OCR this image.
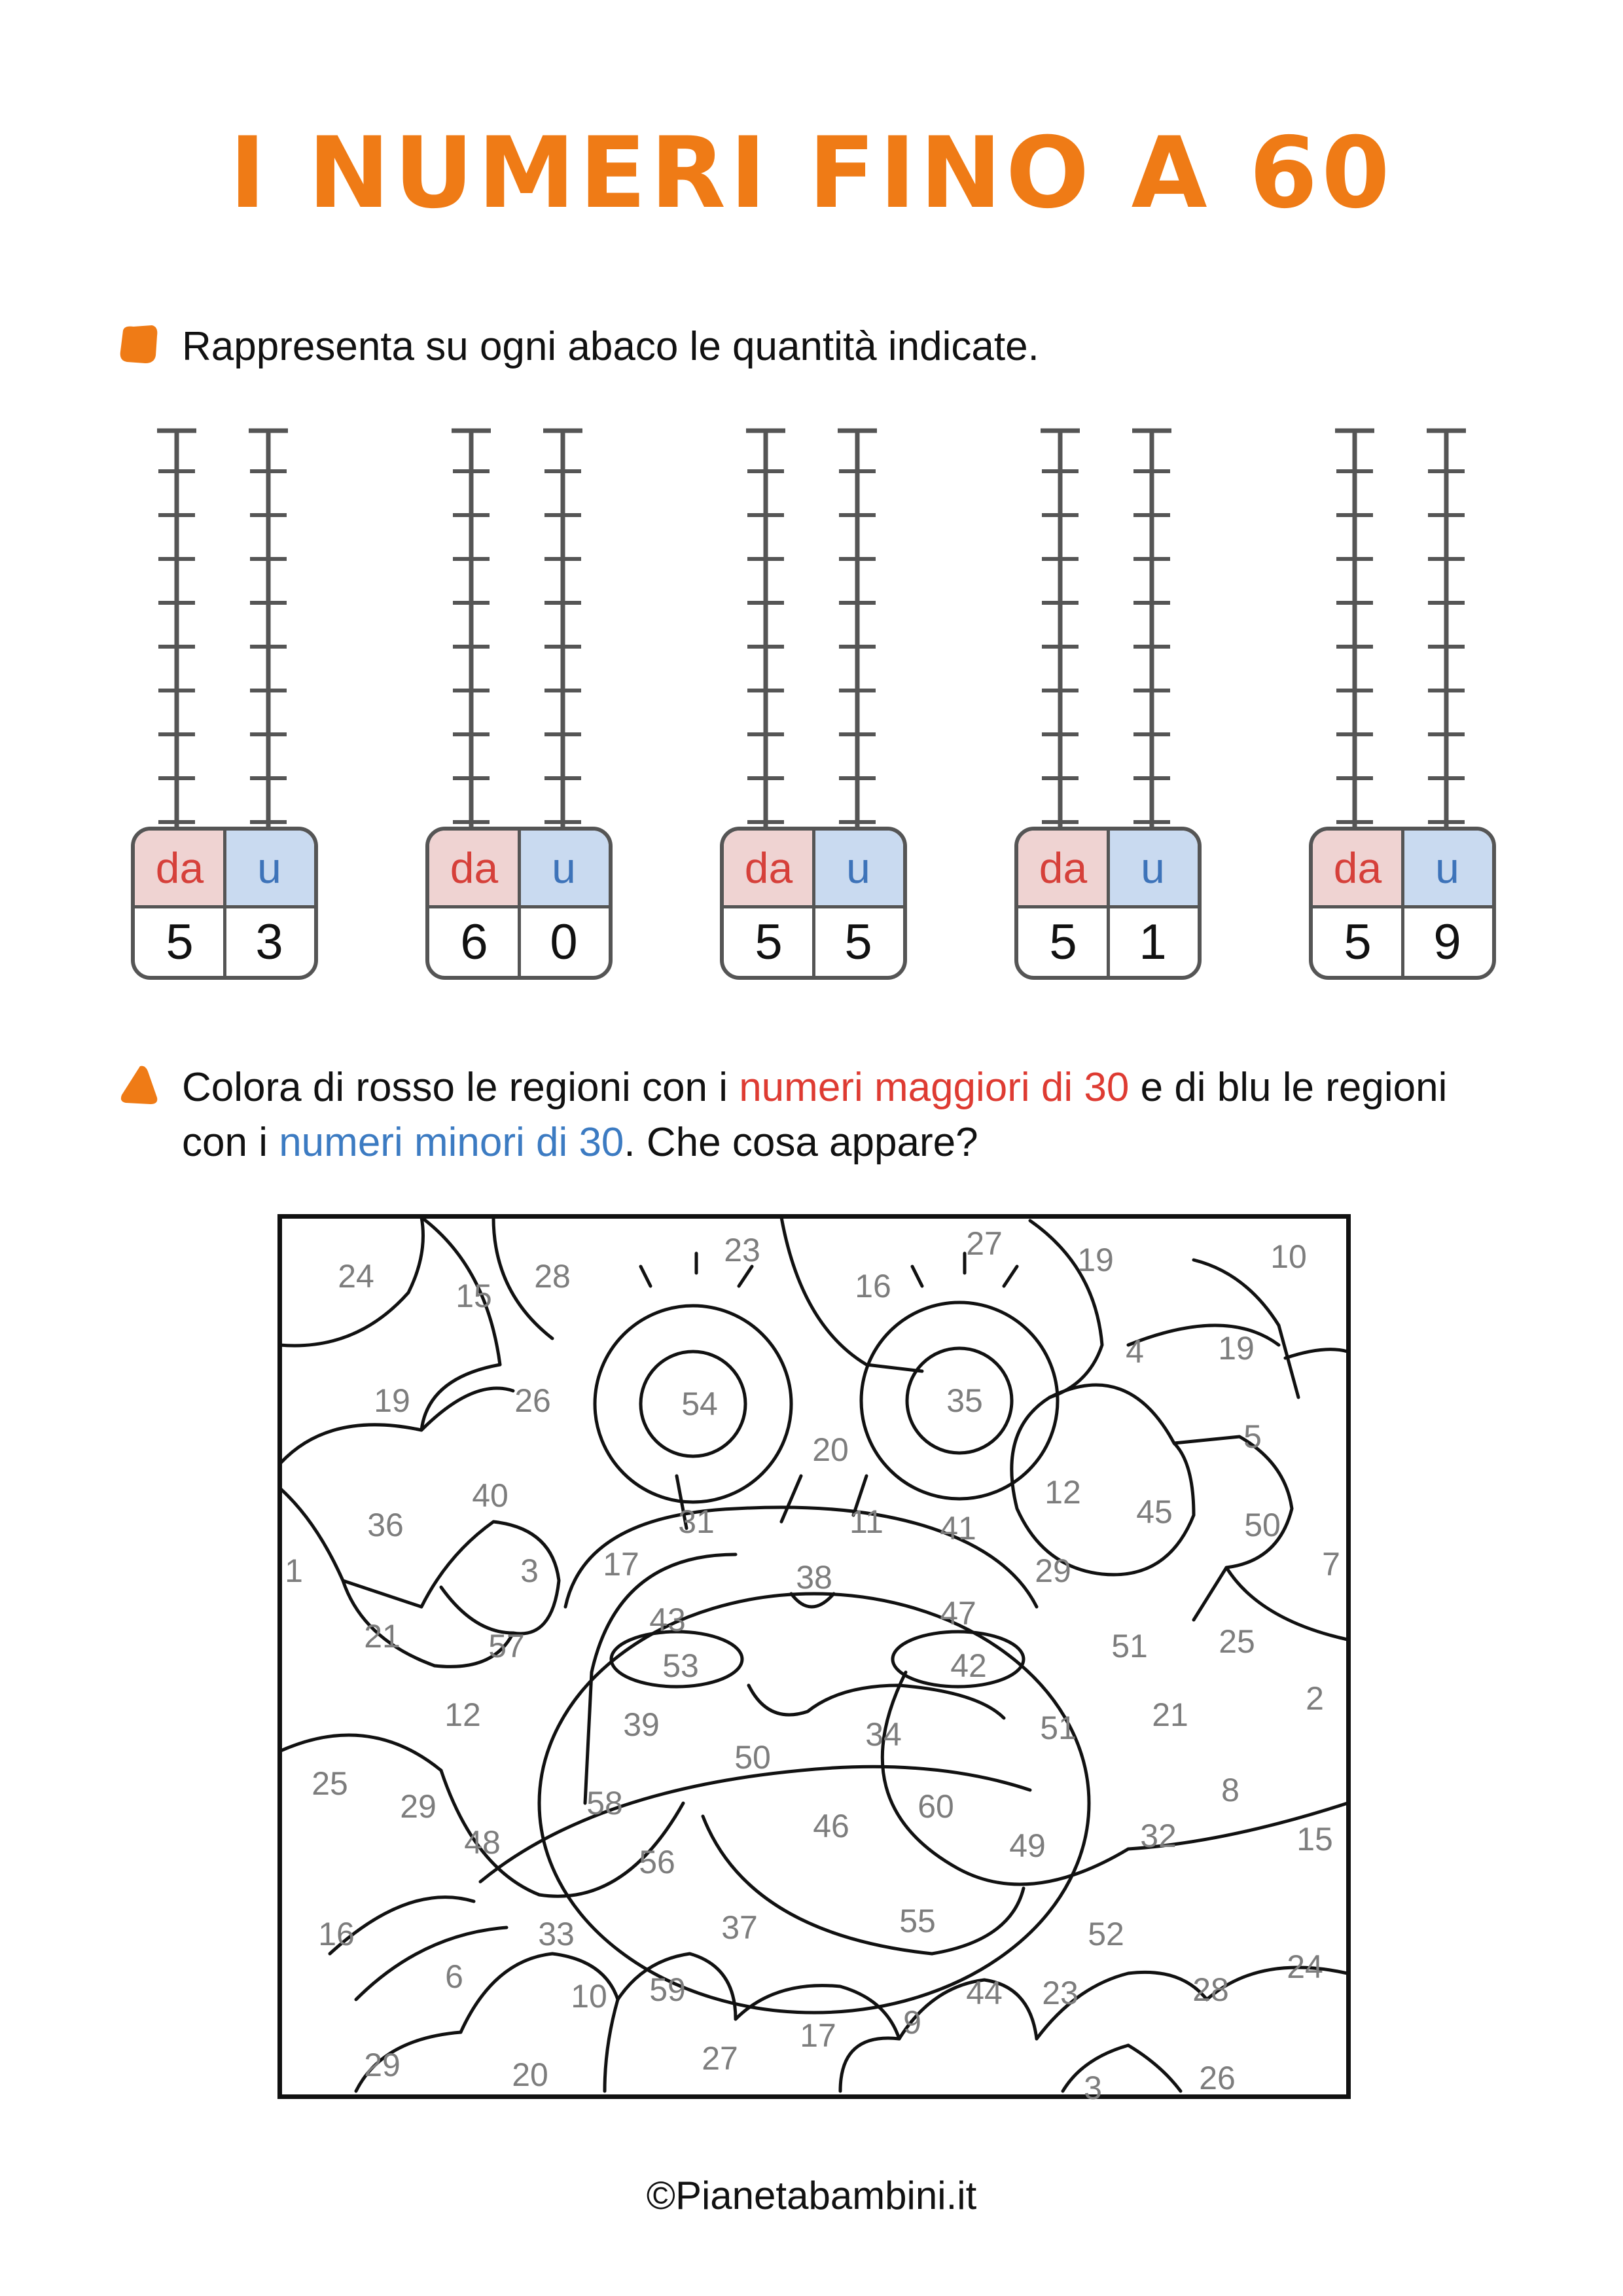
I NUMERI FINO A 60
Rappresenta su ogni abaco le quantità indicate.
da	u
5	3
da	u
6	0
da	u
5	5
da	u
5	1
da	u
5	9
Colora di rosso le regioni con i numeri maggiori di 30 e di blu le regioni con i numeri minori di 30. Che cosa appare?
24
15
28
23
16
27 19	10
4 19
19	26	54	35
20	5
40
36
12
45 50
1
31	11 41
3 17	38	29	7
43	47
21	57	51 25
53	42
2
12	39	34	51 21
25
50
58	60	8
29
46	15
48	49	32
56
16	37	55	52
33
6
10 59	44 23	28
24
9
17
27
29	20	3	26
©Pianetabambini.it
